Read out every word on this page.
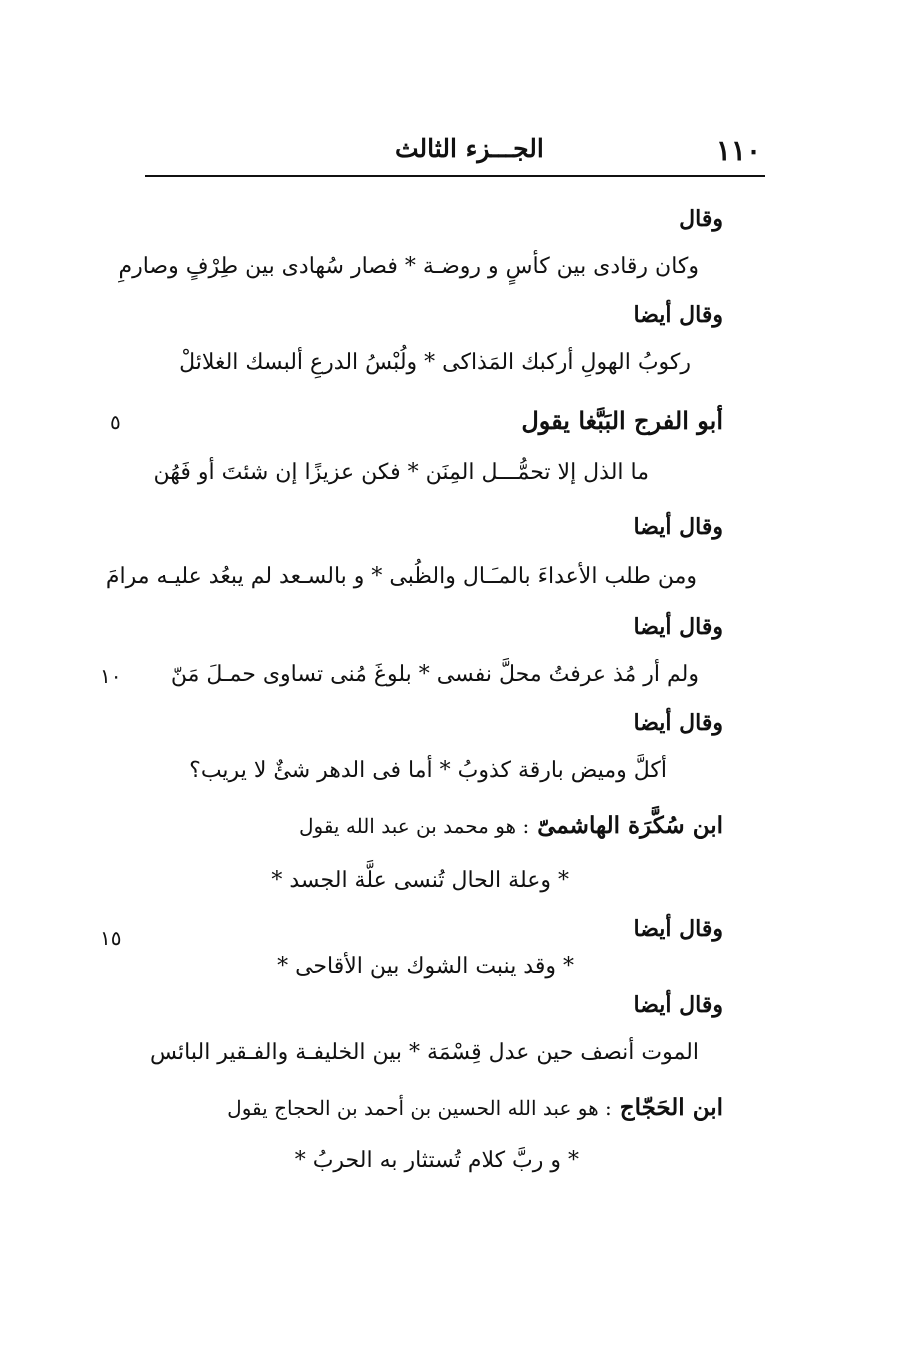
١١٠
الجـــزء الثالث
وقال
وكان رقادى بين كأسٍ و روضـة * فصار سُهادى بين طِرْفٍ وصارمِ
وقال أيضا
ركوبُ الهولِ أركبك المَذاكى * ولُبْسُ الدرعِ ألبسك الغلائلْ
أبو الفرج البَبَّغا يقول
٥
ما الذل إلا تحمُّـــل المِنَن * فكن عزيزًا إن شئتَ أو فَهُن
وقال أيضا
ومن طلب الأعداءَ بالمـَـال والظُبى * و بالسـعد لم يبعُد عليـه مرامَ
وقال أيضا
١٠ ولم أر مُذ عرفتُ محلَّ نفسى * بلوغَ مُنى تساوى حمـلَ مَنّ
وقال أيضا
أكلَّ وميض بارقة كذوبُ * أما فى الدهر شئٌ لا يريب؟
ابن سُكَّرَة الهاشمىّ : هو محمد بن عبد الله يقول
* وعلة الحال تُنسى علَّة الجسد *
وقال أيضا
١٥
* وقد ينبت الشوك بين الأقاحى *
وقال أيضا
الموت أنصف حين عدل قِسْمَة * بين الخليفـة والفـقير البائس
ابن الحَجّاج : هو عبد الله الحسين بن أحمد بن الحجاج يقول
* و ربَّ كلام تُستثار به الحربُ *
